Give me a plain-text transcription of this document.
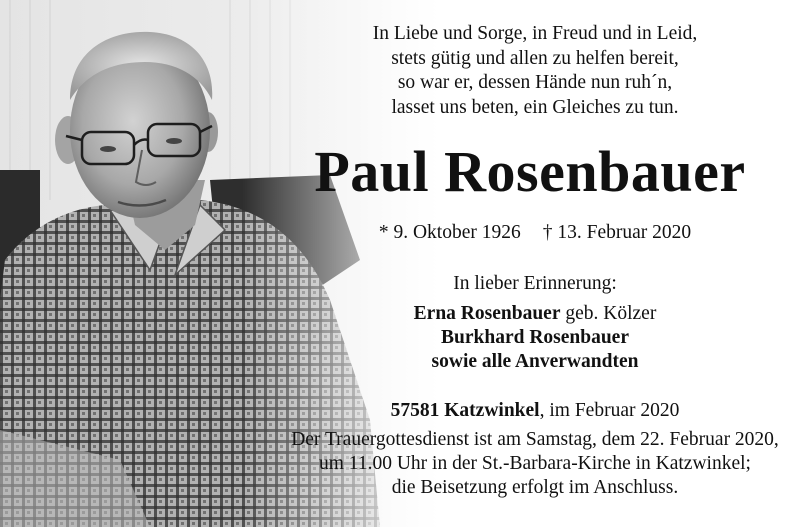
In Liebe und Sorge, in Freud und in Leid,
stets gütig und allen zu helfen bereit,
so war er, dessen Hände nun ruh´n,
lasset uns beten, ein Gleiches zu tun.
Paul Rosenbauer
* 9. Oktober 1926 † 13. Februar 2020
In lieber Erinnerung:
Erna Rosenbauer geb. Kölzer
Burkhard Rosenbauer
sowie alle Anverwandten
57581 Katzwinkel, im Februar 2020
Der Trauergottesdienst ist am Samstag, dem 22. Februar 2020,
um 11.00 Uhr in der St.-Barbara-Kirche in Katzwinkel;
die Beisetzung erfolgt im Anschluss.
